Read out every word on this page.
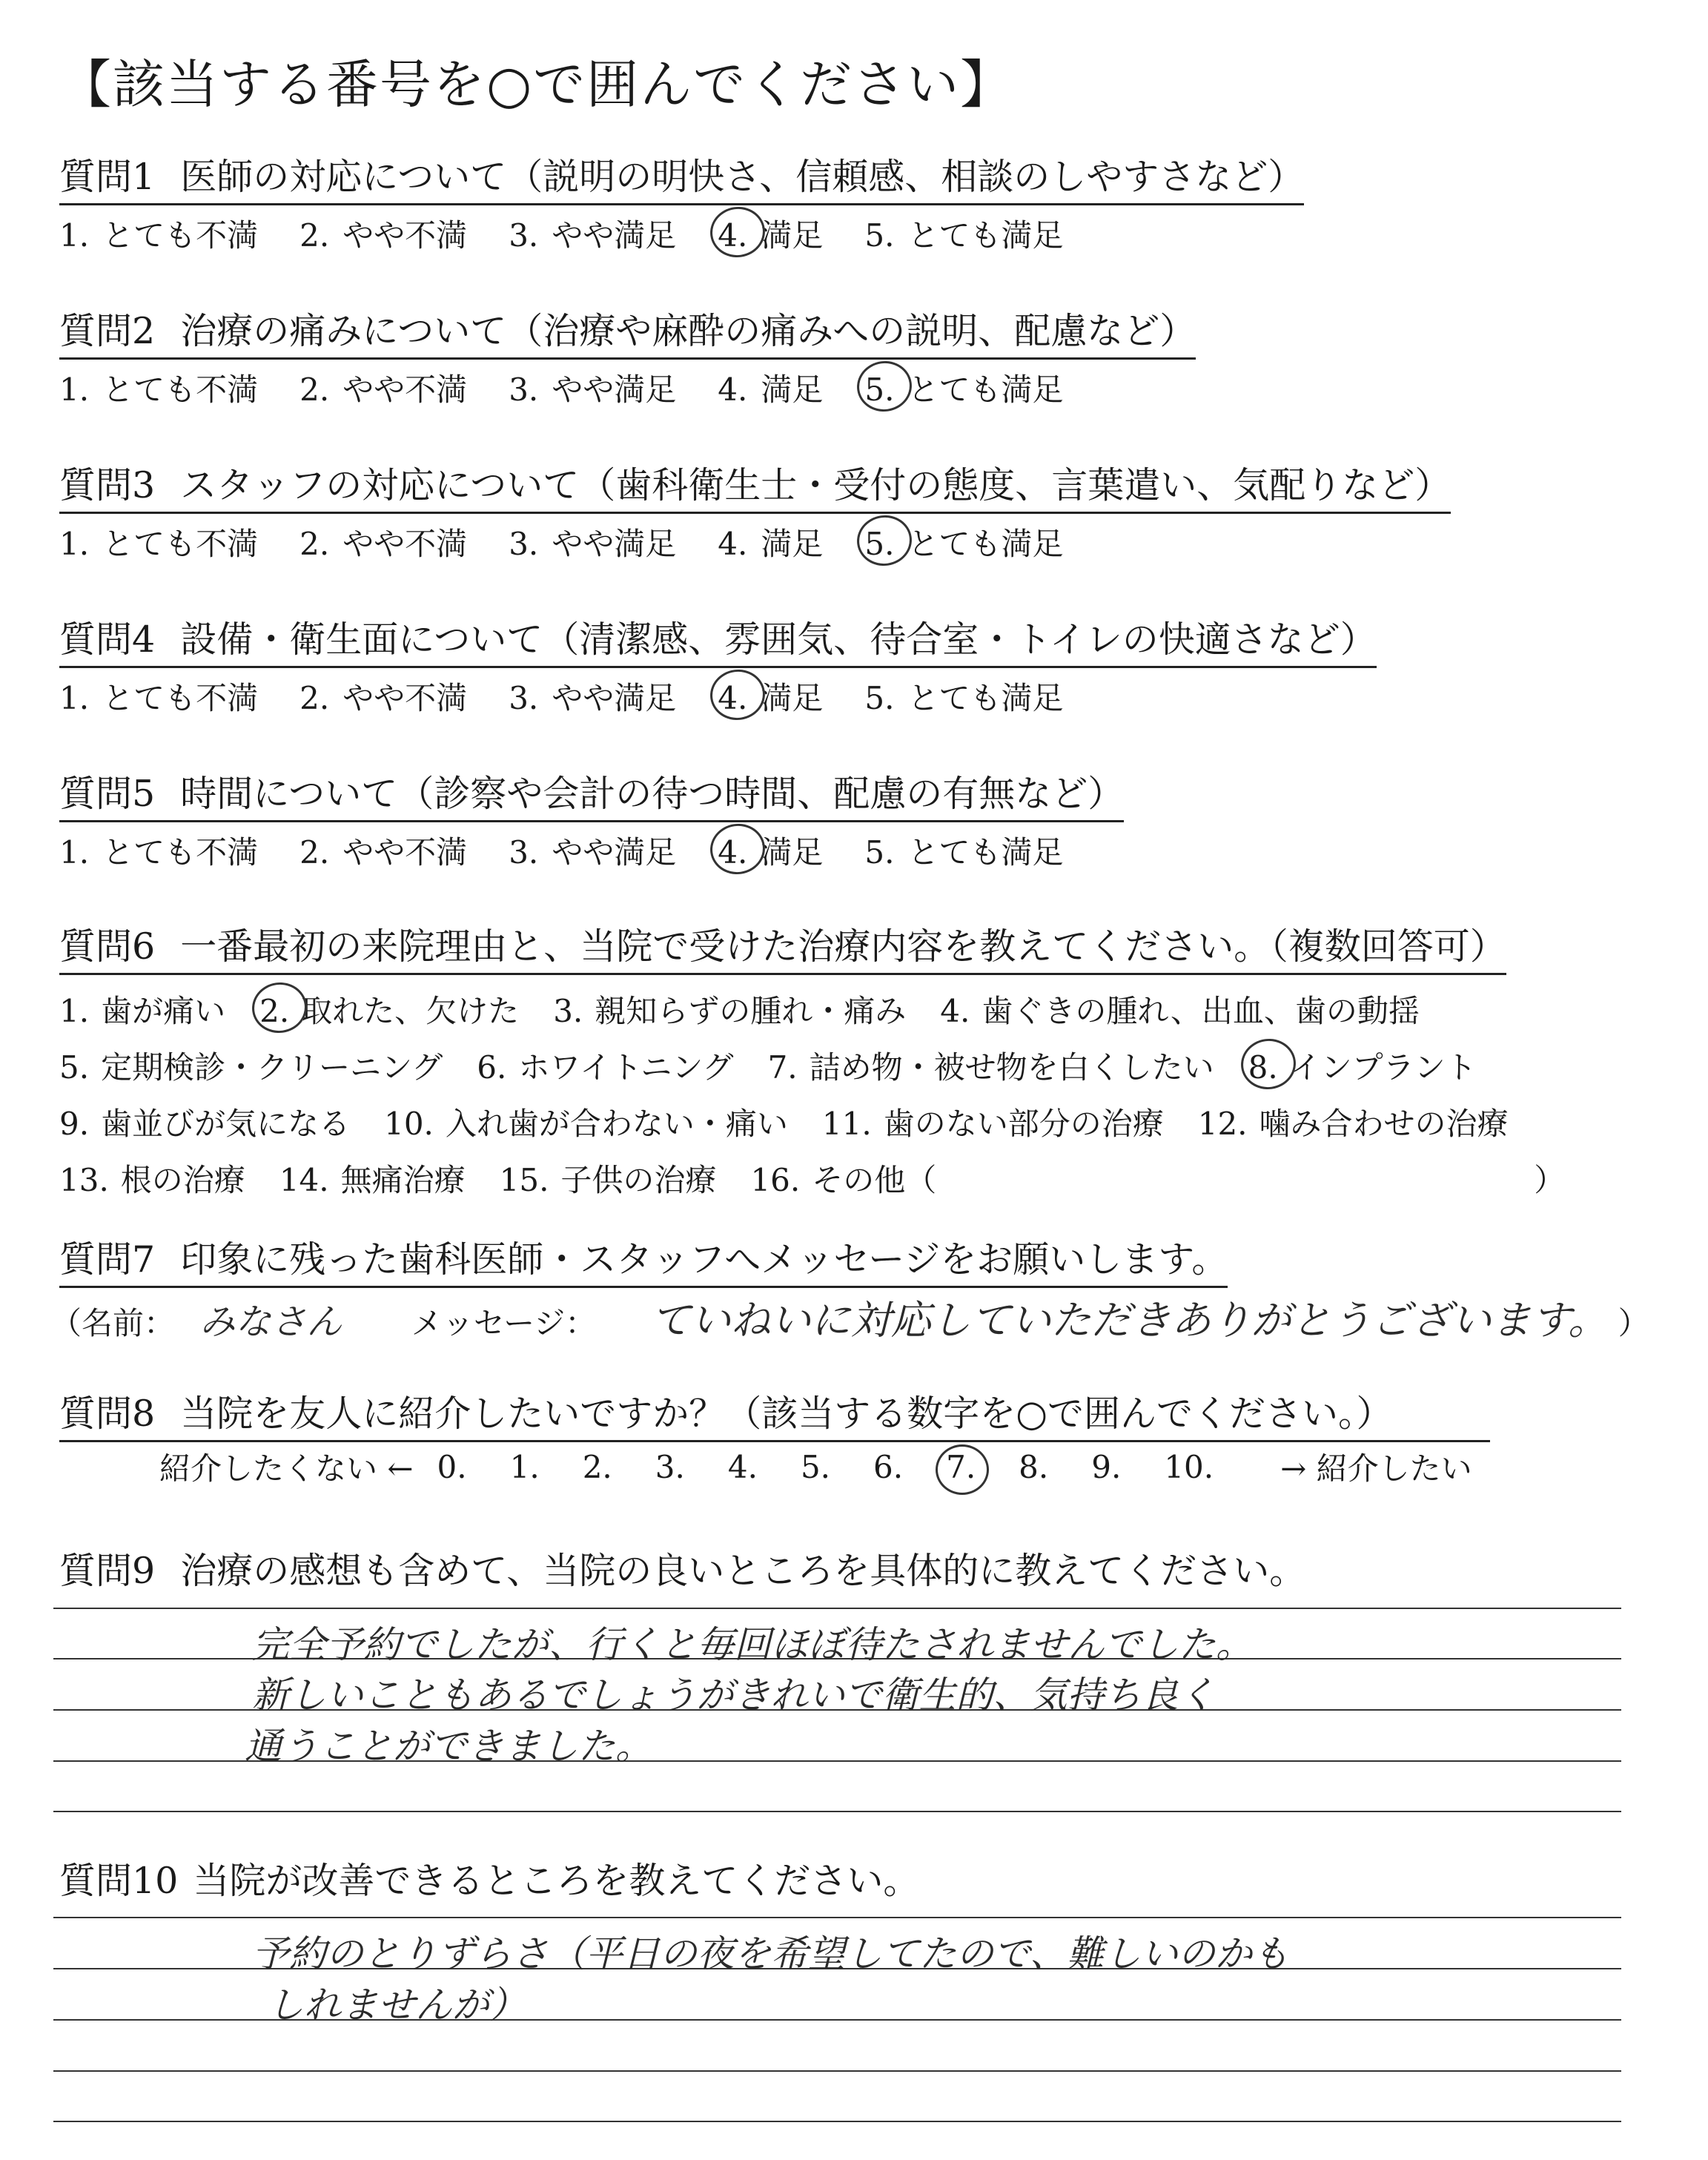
【該当する番号を○で囲んでください】
質問1 医師の対応について（説明の明快さ、信頼感、相談のしやすさなど）
1. とても不満 2. やや不満 3. やや満足 4. 満足 5. とても満足
質問2 治療の痛みについて（治療や麻酔の痛みへの説明、配慮など）
1. とても不満 2. やや不満 3. やや満足 4. 満足 5. とても満足
質問3 スタッフの対応について（歯科衛生士・受付の態度、言葉遣い、気配りなど）
1. とても不満 2. やや不満 3. やや満足 4. 満足 5. とても満足
質問4 設備・衛生面について（清潔感、雰囲気、待合室・トイレの快適さなど）
1. とても不満 2. やや不満 3. やや満足 4. 満足 5. とても満足
質問5 時間について（診察や会計の待つ時間、配慮の有無など）
1. とても不満 2. やや不満 3. やや満足 4. 満足 5. とても満足
質問6 一番最初の来院理由と、当院で受けた治療内容を教えてください。（複数回答可）
1. 歯が痛い 2. 取れた、欠けた 3. 親知らずの腫れ・痛み 4. 歯ぐきの腫れ、出血、歯の動揺
5. 定期検診・クリーニング 6. ホワイトニング 7. 詰め物・被せ物を白くしたい 8. インプラント
9. 歯並びが気になる 10. 入れ歯が合わない・痛い 11. 歯のない部分の治療 12. 噛み合わせの治療
13. 根の治療 14. 無痛治療 15. 子供の治療 16. その他（	）
質問7 印象に残った歯科医師・スタッフへメッセージをお願いします。
（名前： みなさん メッセージ： ていねいに対応していただきありがとうございます。 ）
質問8 当院を友人に紹介したいですか？（該当する数字を○で囲んでください。）
紹介したくない ← 0. 1. 2. 3. 4. 5. 6. 7. 8. 9. 10.	→ 紹介したい
質問9 治療の感想も含めて、当院の良いところを具体的に教えてください。
完全予約でしたが、行くと毎回ほぼ待たされませんでした。
新しいこともあるでしょうがきれいで衛生的、気持ち良く
通うことができました。
質問10 当院が改善できるところを教えてください。
予約のとりずらさ（平日の夜を希望してたので、難しいのかも
しれませんが）
